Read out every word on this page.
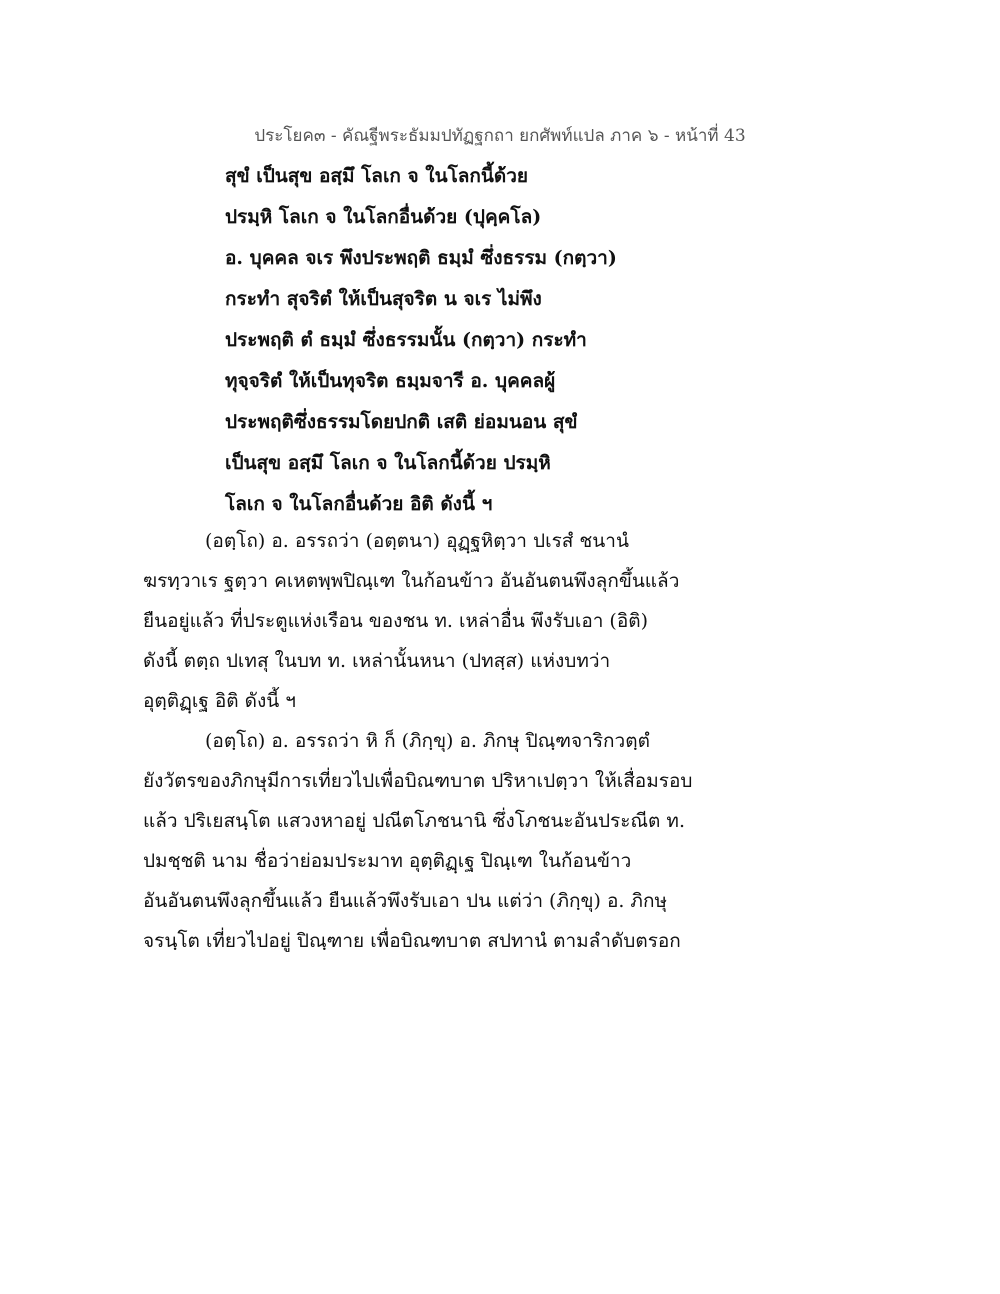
ประโยค๓ - คัณฐีพระธัมมปทัฏฐกถา ยกศัพท์แปล ภาค ๖ - หน้าที่ 43
สุขํ เป็นสุข อสฺมึ โลเก จ ในโลกนี้ด้วย
ปรมฺหิ โลเก จ ในโลกอื่นด้วย (ปุคฺคโล)
อ. บุคคล จเร พึงประพฤติ ธมฺมํ ซึ่งธรรม (กตฺวา)
กระทำ สุจริตํ ให้เป็นสุจริต น จเร ไม่พึง
ประพฤติ ตํ ธมฺมํ ซึ่งธรรมนั้น (กตฺวา) กระทำ
ทุจฺจริตํ ให้เป็นทุจริต ธมฺมจารี อ. บุคคลผู้
ประพฤติซึ่งธรรมโดยปกติ เสติ ย่อมนอน สุขํ
เป็นสุข อสฺมึ โลเก จ ในโลกนี้ด้วย ปรมฺหิ
โลเก จ ในโลกอื่นด้วย อิติ ดังนี้ ฯ
(อตฺโถ) อ. อรรถว่า (อตฺตนา) อุฏฺฐหิตฺวา ปเรสํ ชนานํ
ฆรทฺวาเร ฐตฺวา คเหตพฺพปิณฺเฑ ในก้อนข้าว อันอันตนพึงลุกขึ้นแล้ว
ยืนอยู่แล้ว ที่ประตูแห่งเรือน ของชน ท. เหล่าอื่น พึงรับเอา (อิติ)
ดังนี้ ตตฺถ ปเทสุ ในบท ท. เหล่านั้นหนา (ปทสฺส) แห่งบทว่า
อุตฺติฏฺเฐ อิติ ดังนี้ ฯ
(อตฺโถ) อ. อรรถว่า หิ ก็ (ภิกฺขุ) อ. ภิกษุ ปิณฺฑจาริกวตฺตํ
ยังวัตรของภิกษุมีการเที่ยวไปเพื่อบิณฑบาต ปริหาเปตฺวา ให้เสื่อมรอบ
แล้ว ปริเยสนฺโต แสวงหาอยู่ ปณีตโภชนานิ ซึ่งโภชนะอันประณีต ท.
ปมชฺชติ นาม ชื่อว่าย่อมประมาท อุตฺติฏฺเฐ ปิณฺเฑ ในก้อนข้าว
อันอันตนพึงลุกขึ้นแล้ว ยืนแล้วพึงรับเอา ปน แต่ว่า (ภิกฺขุ) อ. ภิกษุ
จรนฺโต เที่ยวไปอยู่ ปิณฺฑาย เพื่อบิณฑบาต สปทานํ ตามลำดับตรอก
